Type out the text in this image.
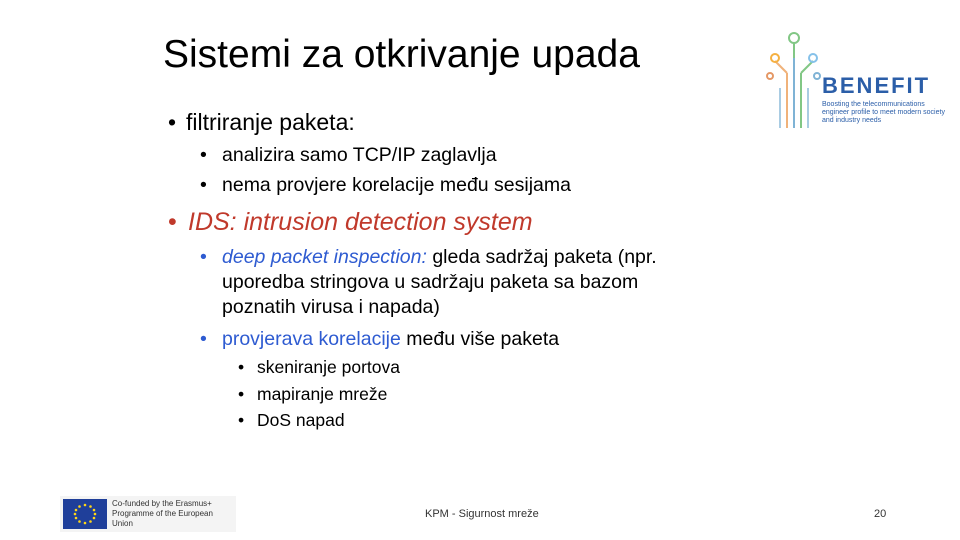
Sistemi za otkrivanje upada
BENEFIT
Boosting the telecommunications engineer profile to meet modern society and industry needs
• filtriranje paketa:
• analizira samo TCP/IP zaglavlja
• nema provjere korelacije među sesijama
• IDS: intrusion detection system
• deep packet inspection: gleda sadržaj paketa (npr.
uporedba stringova u sadržaju paketa sa bazom
poznatih virusa i napada)
• provjerava korelacije među više paketa
• skeniranje portova
• mapiranje mreže
• DoS napad
Co-funded by the Erasmus+ Programme of the European Union
KPM - Sigurnost mreže	20
